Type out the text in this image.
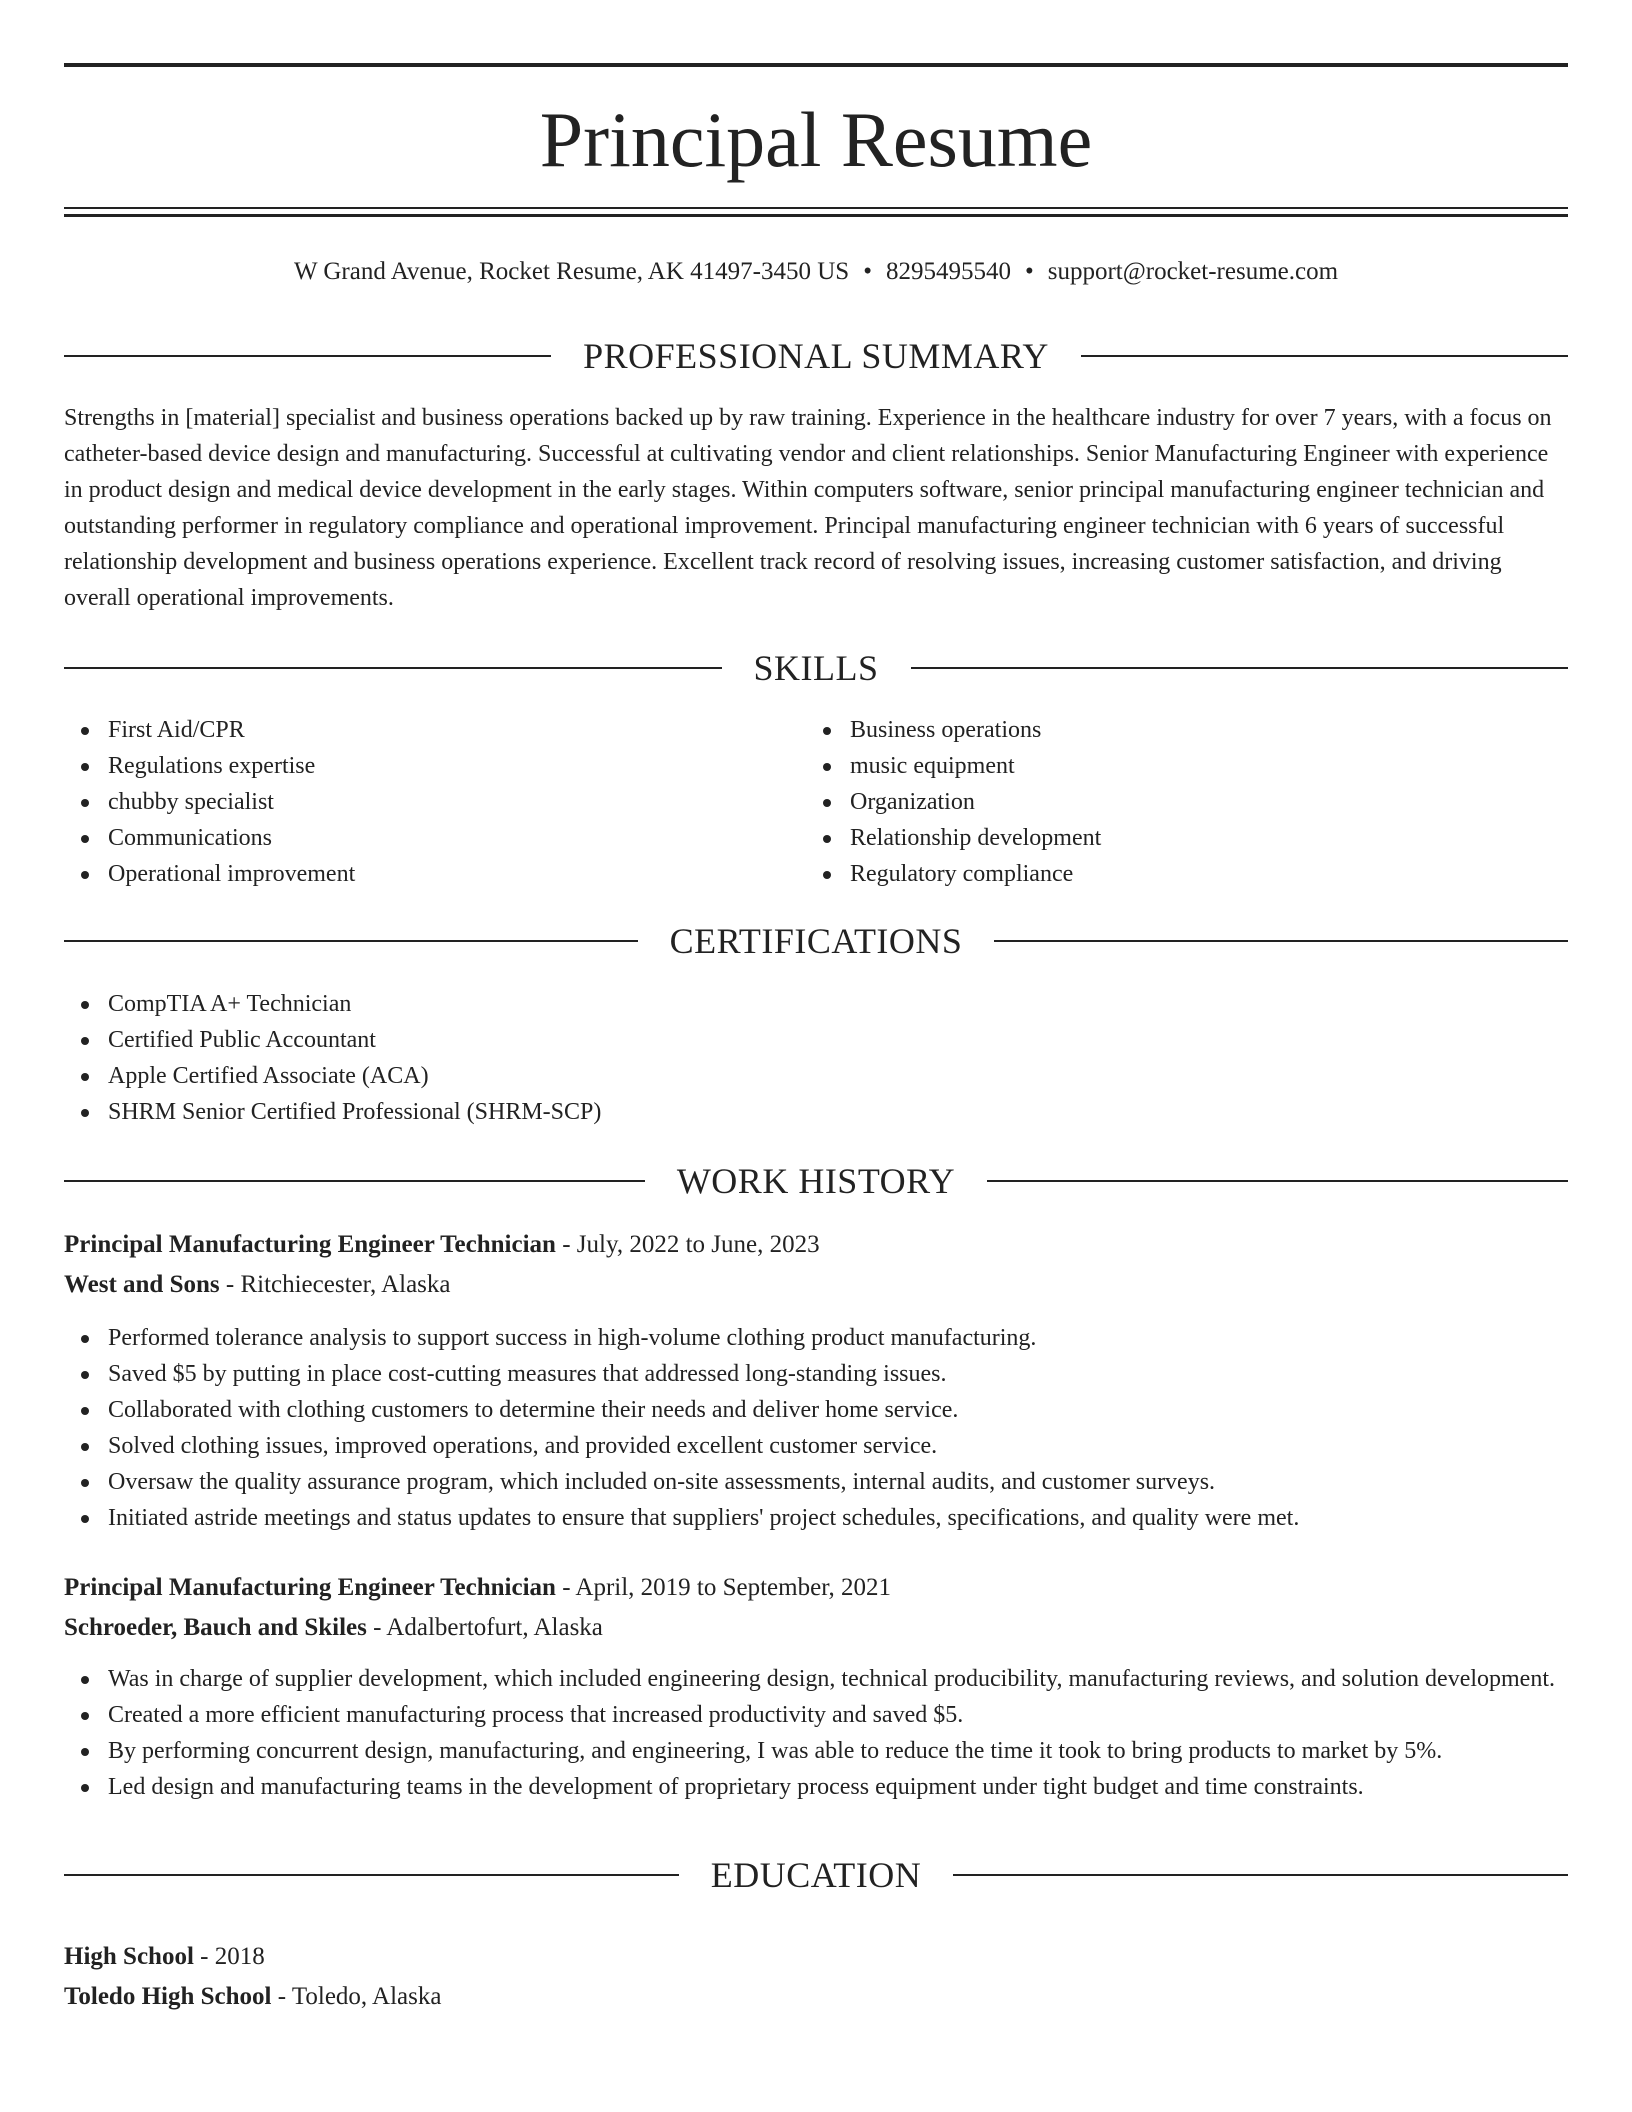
Principal Resume
W Grand Avenue, Rocket Resume, AK 41497-3450 US • 8295495540 • support@rocket-resume.com
PROFESSIONAL SUMMARY
Strengths in [material] specialist and business operations backed up by raw training. Experience in the healthcare industry for over 7 years, with a focus on catheter-based device design and manufacturing. Successful at cultivating vendor and client relationships. Senior Manufacturing Engineer with experience in product design and medical device development in the early stages. Within computers software, senior principal manufacturing engineer technician and outstanding performer in regulatory compliance and operational improvement. Principal manufacturing engineer technician with 6 years of successful relationship development and business operations experience. Excellent track record of resolving issues, increasing customer satisfaction, and driving overall operational improvements.
SKILLS
First Aid/CPR
Regulations expertise
chubby specialist
Communications
Operational improvement
Business operations
music equipment
Organization
Relationship development
Regulatory compliance
CERTIFICATIONS
CompTIA A+ Technician
Certified Public Accountant
Apple Certified Associate (ACA)
SHRM Senior Certified Professional (SHRM-SCP)
WORK HISTORY
Principal Manufacturing Engineer Technician - July, 2022 to June, 2023
West and Sons - Ritchiecester, Alaska
Performed tolerance analysis to support success in high-volume clothing product manufacturing.
Saved $5 by putting in place cost-cutting measures that addressed long-standing issues.
Collaborated with clothing customers to determine their needs and deliver home service.
Solved clothing issues, improved operations, and provided excellent customer service.
Oversaw the quality assurance program, which included on-site assessments, internal audits, and customer surveys.
Initiated astride meetings and status updates to ensure that suppliers' project schedules, specifications, and quality were met.
Principal Manufacturing Engineer Technician - April, 2019 to September, 2021
Schroeder, Bauch and Skiles - Adalbertofurt, Alaska
Was in charge of supplier development, which included engineering design, technical producibility, manufacturing reviews, and solution development.
Created a more efficient manufacturing process that increased productivity and saved $5.
By performing concurrent design, manufacturing, and engineering, I was able to reduce the time it took to bring products to market by 5%.
Led design and manufacturing teams in the development of proprietary process equipment under tight budget and time constraints.
EDUCATION
High School - 2018
Toledo High School - Toledo, Alaska
